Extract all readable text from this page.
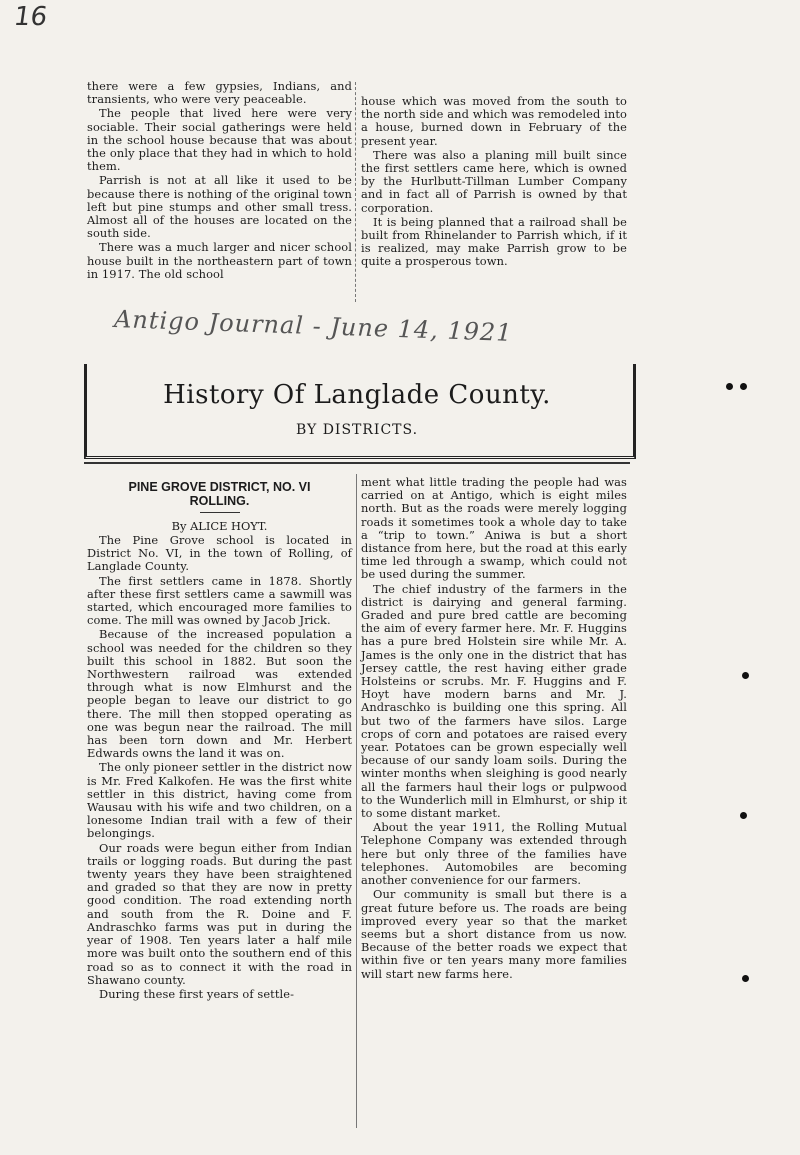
16

there were a few gypsies, Indians, and transients, who were very peaceable.

The people that lived here were very sociable. Their social gatherings were held in the school house because that was about the only place that they had in which to hold them.

Parrish is not at all like it used to be because there is nothing of the original town left but pine stumps and other small tress. Almost all of the houses are located on the south side.

There was a much larger and nicer school house built in the northeastern part of town in 1917. The old school

house which was moved from the south to the north side and which was remodeled into a house, burned down in February of the present year.

There was also a planing mill built since the first settlers came here, which is owned by the Hurlbutt-Tillman Lumber Company and in fact all of Parrish is owned by that corporation.

It is being planned that a railroad shall be built from Rhinelander to Parrish which, if it is realized, may make Parrish grow to be quite a prosperous town.

Antigo Journal - June 14, 1921
History Of Langlade County.
BY DISTRICTS.
PINE GROVE DISTRICT, NO. VI
ROLLING.
By ALICE HOYT.

The Pine Grove school is located in District No. VI, in the town of Rolling, of Langlade County.

The first settlers came in 1878. Shortly after these first settlers came a sawmill was started, which encouraged more families to come. The mill was owned by Jacob Jrick.

Because of the increased population a school was needed for the children so they built this school in 1882. But soon the Northwestern railroad was extended through what is now Elmhurst and the people began to leave our district to go there. The mill then stopped operating as one was begun near the railroad. The mill has been torn down and Mr. Herbert Edwards owns the land it was on.

The only pioneer settler in the district now is Mr. Fred Kalkofen. He was the first white settler in this district, having come from Wausau with his wife and two children, on a lonesome Indian trail with a few of their belongings.

Our roads were begun either from Indian trails or logging roads. But during the past twenty years they have been straightened and graded so that they are now in pretty good condition. The road extending north and south from the R. Doine and F. Andraschko farms was put in during the year of 1908. Ten years later a half mile more was built onto the southern end of this road so as to connect it with the road in Shawano county.

During these first years of settle-

ment what little trading the people had was carried on at Antigo, which is eight miles north. But as the roads were merely logging roads it sometimes took a whole day to take a “trip to town.” Aniwa is but a short distance from here, but the road at this early time led through a swamp, which could not be used during the summer.

The chief industry of the farmers in the district is dairying and general farming. Graded and pure bred cattle are becoming the aim of every farmer here. Mr. F. Huggins has a pure bred Holstein sire while Mr. A. James is the only one in the district that has Jersey cattle, the rest having either grade Holsteins or scrubs. Mr. F. Huggins and F. Hoyt have modern barns and Mr. J. Andraschko is building one this spring. All but two of the farmers have silos. Large crops of corn and potatoes are raised every year. Potatoes can be grown especially well because of our sandy loam soils. During the winter months when sleighing is good nearly all the farmers haul their logs or pulpwood to the Wunderlich mill in Elmhurst, or ship it to some distant market.

About the year 1911, the Rolling Mutual Telephone Company was extended through here but only three of the families have telephones. Automobiles are becoming another convenience for our farmers.

Our community is small but there is a great future before us. The roads are being improved every year so that the market seems but a short distance from us now. Because of the better roads we expect that within five or ten years many more families will start new farms here.
